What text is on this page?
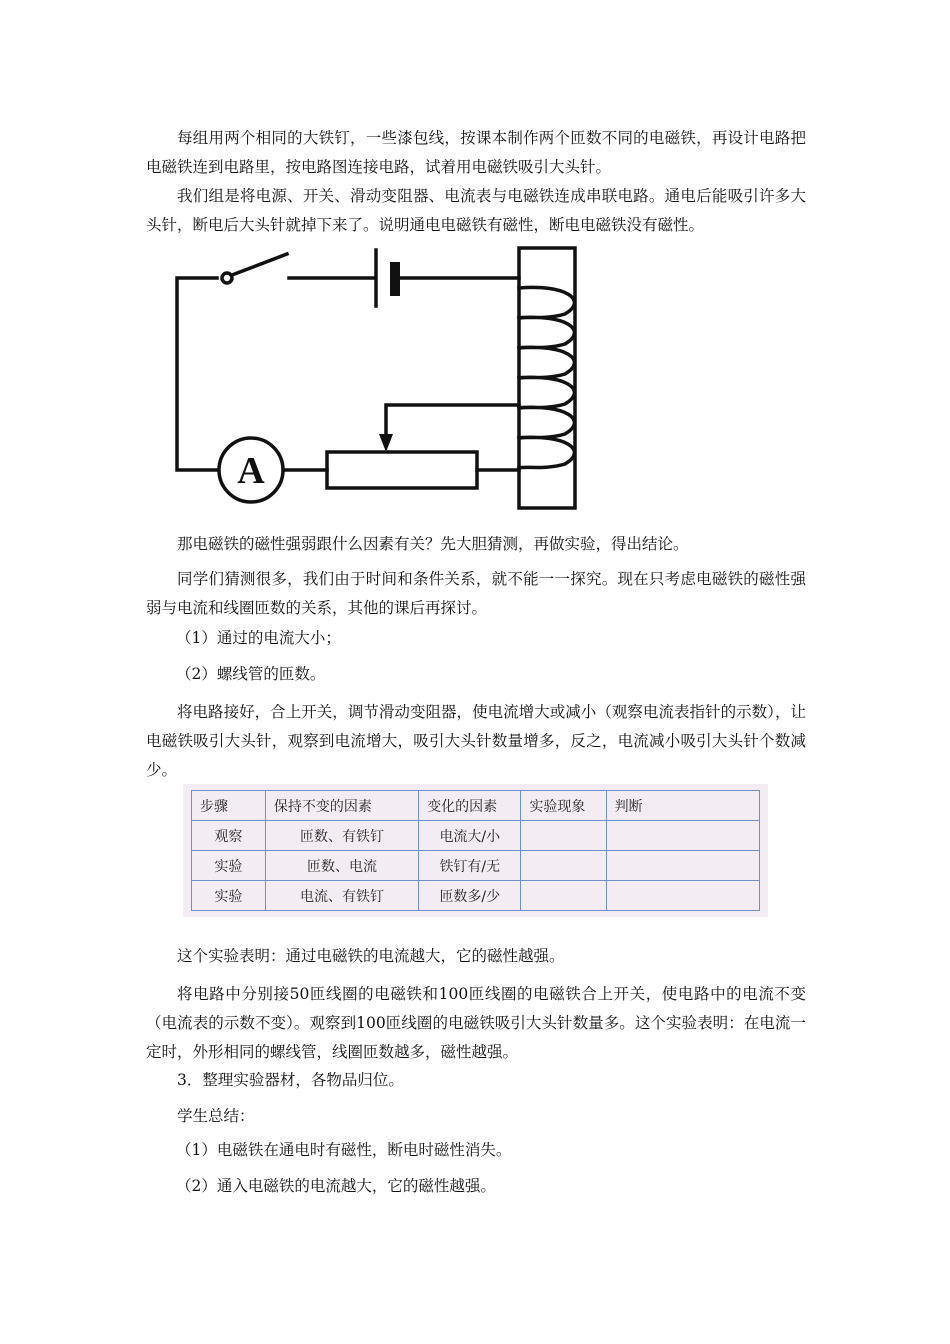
每组用两个相同的大铁钉，一些漆包线，按课本制作两个匝数不同的电磁铁，再设计电路把电磁铁连到电路里，按电路图连接电路，试着用电磁铁吸引大头针。

我们组是将电源、开关、滑动变阻器、电流表与电磁铁连成串联电路。通电后能吸引许多大头针，断电后大头针就掉下来了。说明通电电磁铁有磁性，断电电磁铁没有磁性。

A

那电磁铁的磁性强弱跟什么因素有关？先大胆猜测，再做实验，得出结论。

同学们猜测很多，我们由于时间和条件关系，就不能一一探究。现在只考虑电磁铁的磁性强弱与电流和线圈匝数的关系，其他的课后再探讨。

（1）通过的电流大小；
（2）螺线管的匝数。

将电路接好，合上开关，调节滑动变阻器，使电流增大或减小（观察电流表指针的示数），让电磁铁吸引大头针，观察到电流增大，吸引大头针数量增多，反之，电流减小吸引大头针个数减少。

步骤	保持不变的因素	变化的因素	实验现象	判断
观察	匝数、有铁钉	电流大/小		
实验	匝数、电流	铁钉有/无		
实验	电流、有铁钉	匝数多/少		

这个实验表明：通过电磁铁的电流越大，它的磁性越强。

将电路中分别接50匝线圈的电磁铁和100匝线圈的电磁铁合上开关，使电路中的电流不变（电流表的示数不变）。观察到100匝线圈的电磁铁吸引大头针数量多。这个实验表明：在电流一定时，外形相同的螺线管，线圈匝数越多，磁性越强。

3．整理实验器材，各物品归位。

学生总结：

（1）电磁铁在通电时有磁性，断电时磁性消失。
（2）通入电磁铁的电流越大，它的磁性越强。
